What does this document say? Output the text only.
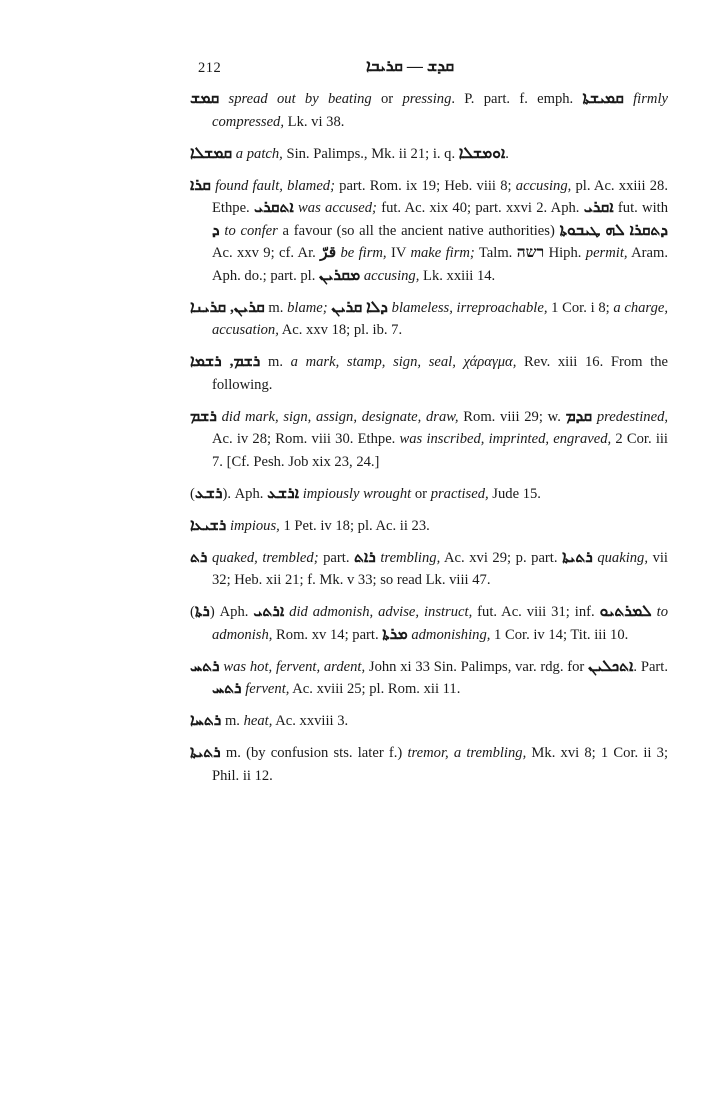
212	ܩܕܫ — ܩܪܝܒܐ

ܩܡܫ spread out by beating or pressing. P. part. f. emph. ܩܡܝܫܬܐ firmly compressed, Lk. vi 38.

ܩܡܫܠܐ a patch, Sin. Palimps., Mk. ii 21; i. q. ܐܘܡܫܠܐ.

ܩܪܐ found fault, blamed; part. Rom. ix 19; Heb. viii 8; accusing, pl. Ac. xxiii 28. Ethpe. ܐܬܩܪܝ was accused; fut. Ac. xix 40; part. xxvi 2. Aph. ܐܩܪܝ fut. with ܕ to confer a favour (so all the ancient native authorities) ܕܬܩܪܐ ܠܗ ܛܝܒܘܬܐ Ac. xxv 9; cf. Ar. قرّ be firm, IV make firm; Talm. רשה Hiph. permit, Aram. Aph. do.; part. pl. ܡܩܪܝܢ accusing, Lk. xxiii 14.

ܩܪܝܢ, ܩܪܝܢܐ m. blame; ܕܠܐ ܩܪܝܢ blameless, irreproachable, 1 Cor. i 8; a charge, accusation, Ac. xxv 18; pl. ib. 7.

ܪܫܡ, ܪܫܡܐ m. a mark, stamp, sign, seal, χάραγμα, Rev. xiii 16. From the following.

ܪܫܡ did mark, sign, assign, designate, draw, Rom. viii 29; w. ܩܕܡ predestined, Ac. iv 28; Rom. viii 30. Ethpe. was inscribed, imprinted, engraved, 2 Cor. iii 7. [Cf. Pesh. Job xix 23, 24.]

(ܪܫܥ). Aph. ܐܪܫܥ impiously wrought or practised, Jude 15.

ܪܫܝܥܐ impious, 1 Pet. iv 18; pl. Ac. ii 23.

ܪܬ quaked, trembled; part. ܪܐܬ trembling, Ac. xvi 29; p. part. ܪܬܝܬܐ quaking, vii 32; Heb. xii 21; f. Mk. v 33; so read Lk. viii 47.

(ܪܬܐ) Aph. ܐܪܬܝ did admonish, advise, instruct, fut. Ac. viii 31; inf. ܠܡܪܬܝܘ to admonish, Rom. xv 14; part. ܡܪܬܐ admonishing, 1 Cor. iv 14; Tit. iii 10.

ܪܬܚ was hot, fervent, ardent, John xi 33 Sin. Palimps, var. rdg. for ܐܬܟܠܝܢ. Part. ܪܬܚ fervent, Ac. xviii 25; pl. Rom. xii 11.

ܪܬܚܐ m. heat, Ac. xxviii 3.

ܪܬܝܬܐ m. (by confusion sts. later f.) tremor, a trembling, Mk. xvi 8; 1 Cor. ii 3; Phil. ii 12.
